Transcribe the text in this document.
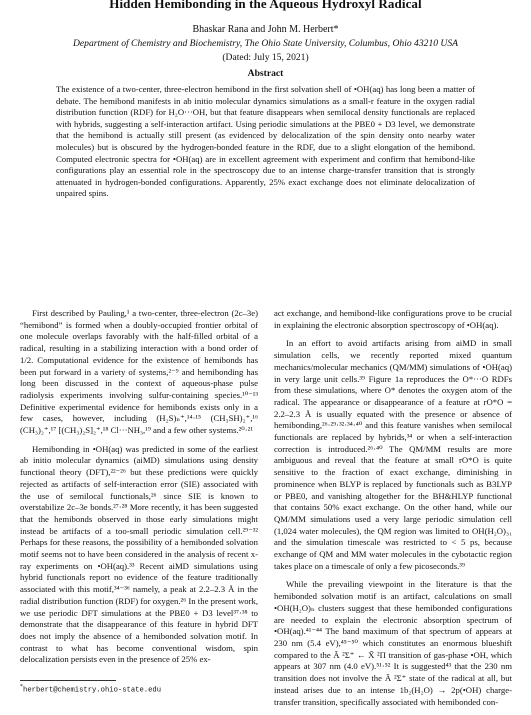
Hidden Hemibonding in the Aqueous Hydroxyl Radical
Bhaskar Rana and John M. Herbert*
Department of Chemistry and Biochemistry, The Ohio State University, Columbus, Ohio 43210 USA
(Dated: July 15, 2021)
Abstract

The existence of a two-center, three-electron hemibond in the first solvation shell of •OH(aq) has long been a matter of debate. The hemibond manifests in ab initio molecular dynamics simulations as a small-r feature in the oxygen radial distribution function (RDF) for H₂O···OH, but that feature disappears when semilocal density functionals are replaced with hybrids, suggesting a self-interaction artifact. Using periodic simulations at the PBE0 + D3 level, we demonstrate that the hemibond is actually still present (as evidenced by delocalization of the spin density onto nearby water molecules) but is obscured by the hydrogen-bonded feature in the RDF, due to a slight elongation of the hemibond. Computed electronic spectra for •OH(aq) are in excellent agreement with experiment and confirm that hemibond-like configurations play an essential role in the spectroscopy due to an intense charge-transfer transition that is strongly attenuated in hydrogen-bonded configurations. Apparently, 25% exact exchange does not eliminate delocalization of unpaired spins.

First described by Pauling,¹ a two-center, three-electron (2c–3e) “hemibond” is formed when a doubly-occupied frontier orbital of one molecule overlaps favorably with the half-filled orbital of a radical, resulting in a stabilizing interaction with a bond order of 1/2. Computational evidence for the existence of hemibonds has been put forward in a variety of systems,²⁻⁹ and hemibonding has long been discussed in the context of aqueous-phase pulse radiolysis experiments involving sulfur-containing species.¹⁰⁻¹³ Definitive experimental evidence for hemibonds exists only in a few cases, however, including (H₂S)ₙ⁺,¹⁴·¹⁵ (CH₃SH)₂⁺,¹⁶ (CH₃)₂⁺,¹⁷ [(CH₃)₂S]₂⁺,¹⁸ Cl···NH₃,¹⁹ and a few other systems.²⁰·²¹

Hemibonding in •OH(aq) was predicted in some of the earliest ab initio molecular dynamics (aiMD) simulations using density functional theory (DFT),²²⁻²⁶ but these predictions were quickly rejected as artifacts of self-interaction error (SIE) associated with the use of semilocal functionals,²⁶ since SIE is known to overstabilize 2c–3e bonds.²⁷·²⁸ More recently, it has been suggested that the hemibonds observed in those early simulations might instead be artifacts of a too-small periodic simulation cell.²⁹⁻³² Perhaps for these reasons, the possibility of a hemibonded solvation motif seems not to have been considered in the analysis of recent x-ray experiments on •OH(aq).³³ Recent aiMD simulations using hybrid functionals report no evidence of the feature traditionally associated with this motif,³⁴⁻³⁶ namely, a peak at 2.2–2.3 Å in the radial distribution function (RDF) for oxygen.²⁶ In the present work, we use periodic DFT simulations at the PBE0 + D3 level³⁷·³⁸ to demonstrate that the disappearance of this feature in hybrid DFT does not imply the absence of a hemibonded solvation motif. In contrast to what has become conventional wisdom, spin delocalization persists even in the presence of 25% ex-

act exchange, and hemibond-like configurations prove to be crucial in explaining the electronic absorption spectroscopy of •OH(aq).

In an effort to avoid artifacts arising from aiMD in small simulation cells, we recently reported mixed quantum mechanics/molecular mechanics (QM/MM) simulations of •OH(aq) in very large unit cells.³⁹ Figure 1a reproduces the O*···O RDFs from these simulations, where O* denotes the oxygen atom of the radical. The appearance or disappearance of a feature at rO*O = 2.2–2.3 Å is usually equated with the presence or absence of hemibonding,²⁶·²⁹·³²·³⁴·⁴⁰ and this feature vanishes when semilocal functionals are replaced by hybrids,³⁴ or when a self-interaction correction is introduced.²⁶·⁴⁰ The QM/MM results are more ambiguous and reveal that the feature at small rO*O is quite sensitive to the fraction of exact exchange, diminishing in prominence when BLYP is replaced by functionals such as B3LYP or PBE0, and vanishing altogether for the BH&HLYP functional that contains 50% exact exchange. On the other hand, while our QM/MM simulations used a very large periodic simulation cell (1,024 water molecules), the QM region was limited to OH(H₂O)₃₁ and the simulation timescale was restricted to < 5 ps, because exchange of QM and MM water molecules in the cybotactic region takes place on a timescale of only a few picoseconds.³⁹

While the prevailing viewpoint in the literature is that the hemibonded solvation motif is an artifact, calculations on small •OH(H₂O)ₙ clusters suggest that these hemibonded configurations are needed to explain the electronic absorption spectrum of •OH(aq).⁴¹⁻⁴⁴ The band maximum of that spectrum of appears at 230 nm (5.4 eV),⁴⁵⁻⁵⁰ which constitutes an enormous blueshift compared to the Ã ²Σ⁺ ← X̃ ²Π transition of gas-phase •OH, which appears at 307 nm (4.0 eV).⁵¹·⁵² It is suggested⁴³ that the 230 nm transition does not involve the Ã ²Σ⁺ state of the radical at all, but instead arises due to an intense 1b₂(H₂O) → 2p(•OH) charge-transfer transition, specifically associated with hemibonded con-

*herbert@chemistry.ohio-state.edu
